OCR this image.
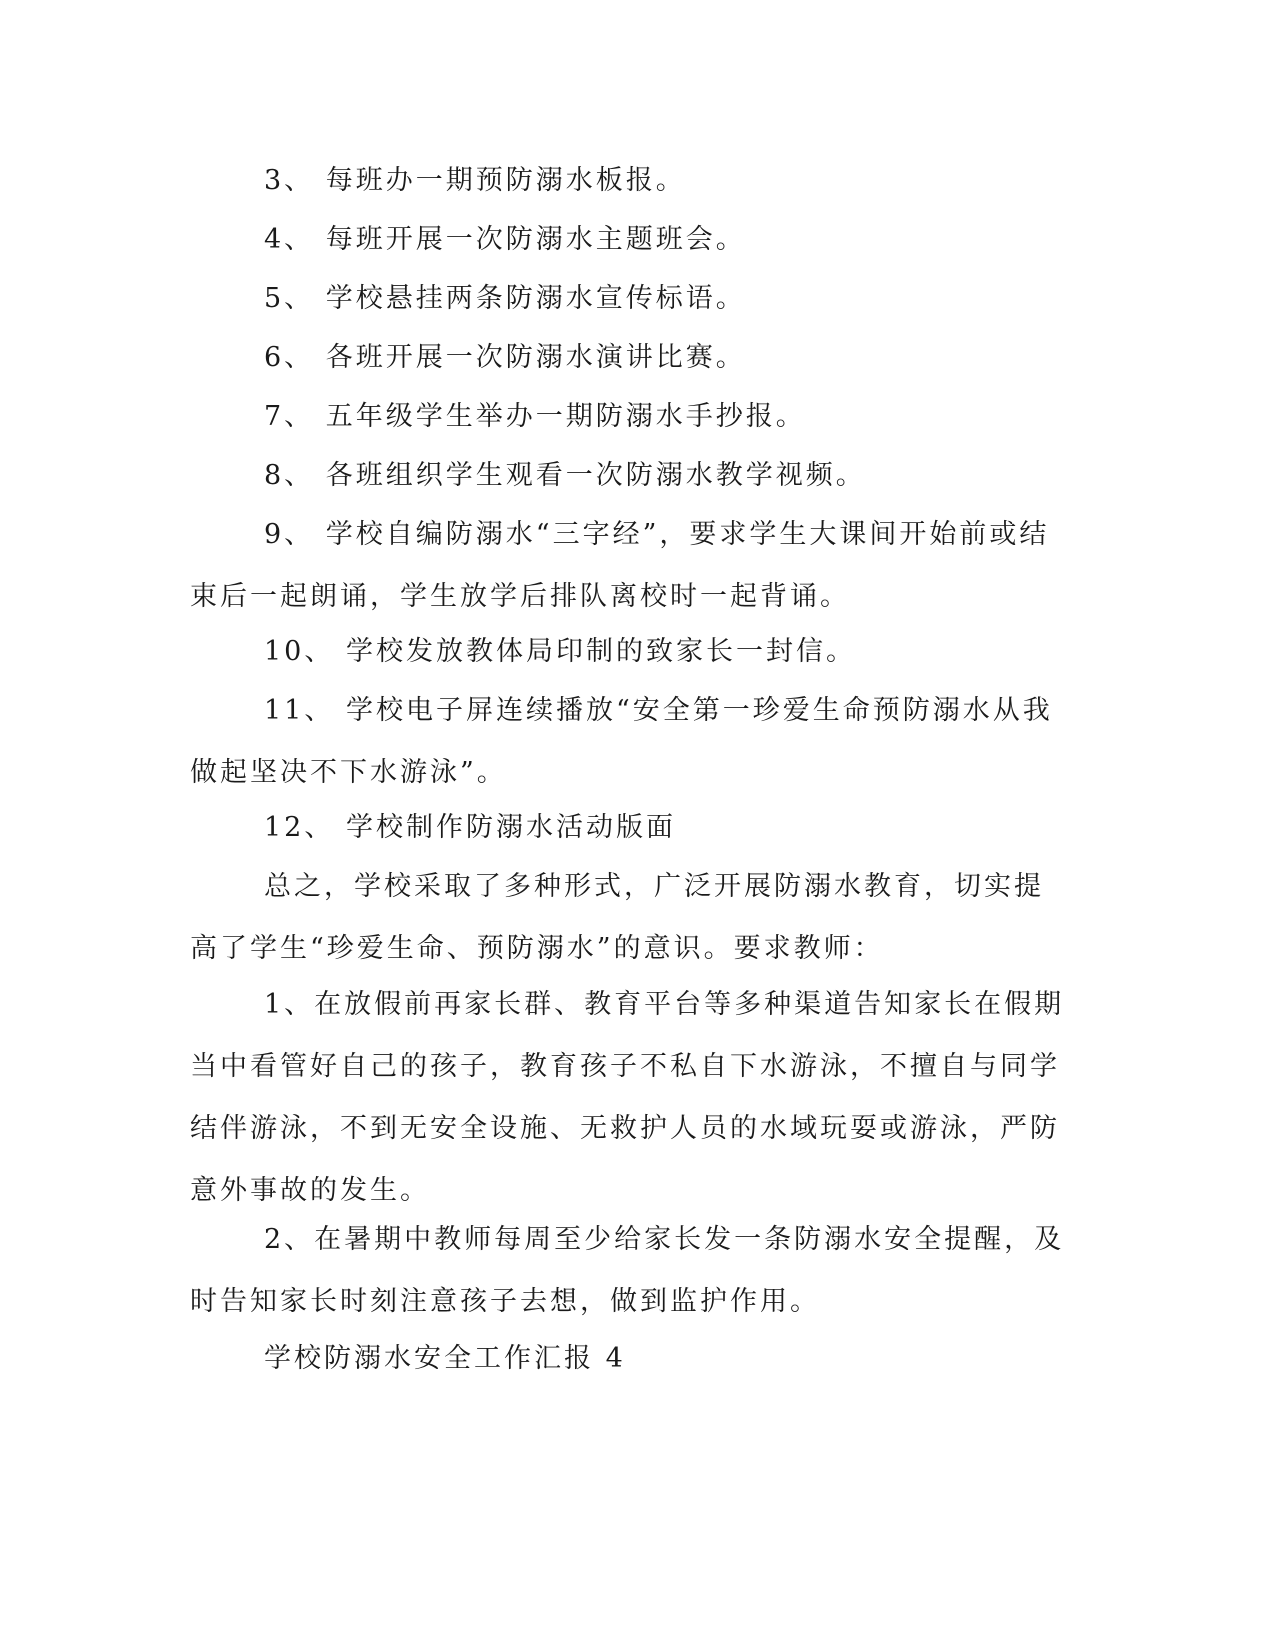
3、 每班办一期预防溺水板报。

4、 每班开展一次防溺水主题班会。

5、 学校悬挂两条防溺水宣传标语。

6、 各班开展一次防溺水演讲比赛。

7、 五年级学生举办一期防溺水手抄报。

8、 各班组织学生观看一次防溺水教学视频。

9、 学校自编防溺水“三字经”，要求学生大课间开始前或结束后一起朗诵，学生放学后排队离校时一起背诵。

10、 学校发放教体局印制的致家长一封信。

11、 学校电子屏连续播放“安全第一珍爱生命预防溺水从我做起坚决不下水游泳”。

12、 学校制作防溺水活动版面

总之，学校采取了多种形式，广泛开展防溺水教育，切实提高了学生“珍爱生命、预防溺水”的意识。要求教师：

1、在放假前再家长群、教育平台等多种渠道告知家长在假期当中看管好自己的孩子，教育孩子不私自下水游泳，不擅自与同学结伴游泳，不到无安全设施、无救护人员的水域玩耍或游泳，严防意外事故的发生。

2、在暑期中教师每周至少给家长发一条防溺水安全提醒，及时告知家长时刻注意孩子去想，做到监护作用。

学校防溺水安全工作汇报 4
